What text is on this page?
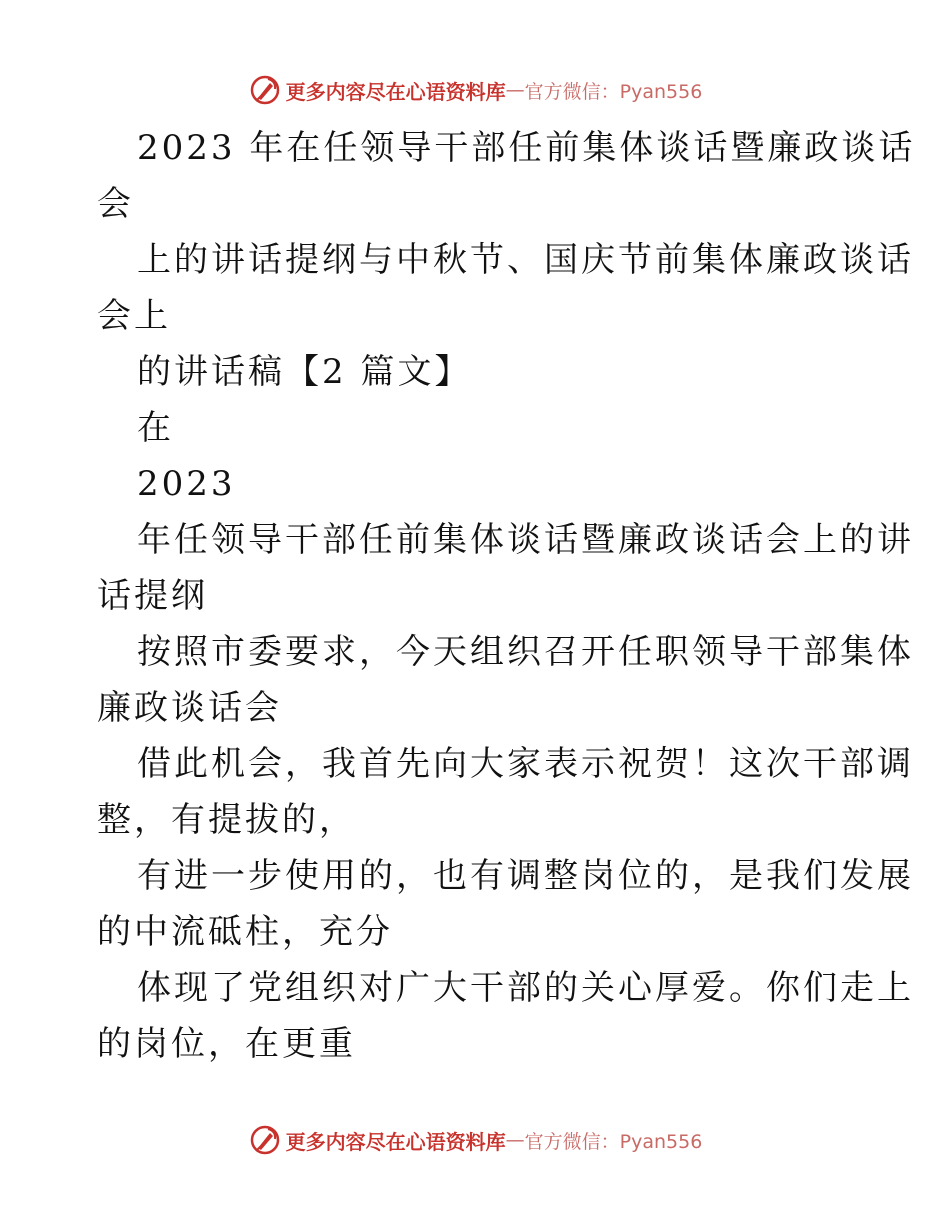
更多内容尽在心语资料库 — 官方微信：Pyan556
2023 年在任领导干部任前集体谈话暨廉政谈话
会
上的讲话提纲与中秋节、国庆节前集体廉政谈话
会上
的讲话稿【2 篇文】
在
2023
年任领导干部任前集体谈话暨廉政谈话会上的讲
话提纲
按照市委要求，今天组织召开任职领导干部集体
廉政谈话会
借此机会，我首先向大家表示祝贺！这次干部调
整，有提拔的，
有进一步使用的，也有调整岗位的，是我们发展
的中流砥柱，充分
体现了党组织对广大干部的关心厚爱。你们走上
的岗位，在更重
更多内容尽在心语资料库 — 官方微信：Pyan556
